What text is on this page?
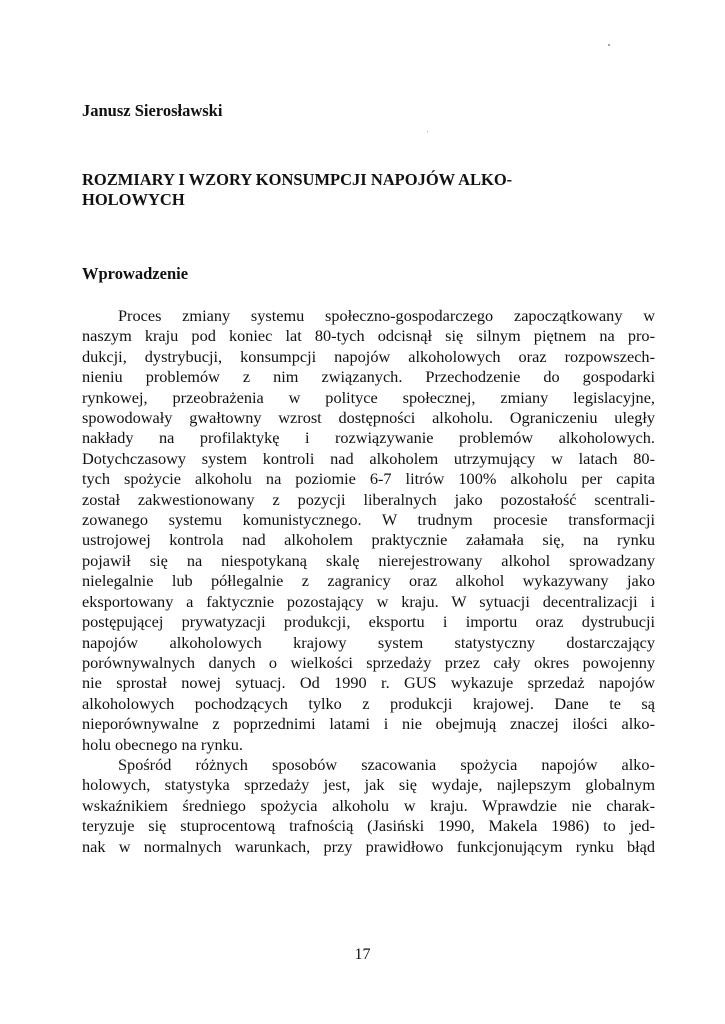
Janusz Sierosławski
ROZMIARY I WZORY KONSUMPCJI NAPOJÓW ALKO-
HOLOWYCH
Wprowadzenie
Proces zmiany systemu społeczno-gospodarczego zapoczątkowany w
naszym kraju pod koniec lat 80-tych odcisnął się silnym piętnem na pro-
dukcji, dystrybucji, konsumpcji napojów alkoholowych oraz rozpowszech-
nieniu problemów z nim związanych. Przechodzenie do gospodarki
rynkowej, przeobrażenia w polityce społecznej, zmiany legislacyjne,
spowodowały gwałtowny wzrost dostępności alkoholu. Ograniczeniu uległy
nakłady na profilaktykę i rozwiązywanie problemów alkoholowych.
Dotychczasowy system kontroli nad alkoholem utrzymujący w latach 80-
tych spożycie alkoholu na poziomie 6-7 litrów 100% alkoholu per capita
został zakwestionowany z pozycji liberalnych jako pozostałość scentrali-
zowanego systemu komunistycznego. W trudnym procesie transformacji
ustrojowej kontrola nad alkoholem praktycznie załamała się, na rynku
pojawił się na niespotykaną skalę nierejestrowany alkohol sprowadzany
nielegalnie lub półlegalnie z zagranicy oraz alkohol wykazywany jako
eksportowany a faktycznie pozostający w kraju. W sytuacji decentralizacji i
postępującej prywatyzacji produkcji, eksportu i importu oraz dystrubucji
napojów alkoholowych krajowy system statystyczny dostarczający
porównywalnych danych o wielkości sprzedaży przez cały okres powojenny
nie sprostał nowej sytuacj. Od 1990 r. GUS wykazuje sprzedaż napojów
alkoholowych pochodzących tylko z produkcji krajowej. Dane te są
nieporównywalne z poprzednimi latami i nie obejmują znaczej ilości alko-
holu obecnego na rynku.
Spośród różnych sposobów szacowania spożycia napojów alko-
holowych, statystyka sprzedaży jest, jak się wydaje, najlepszym globalnym
wskaźnikiem średniego spożycia alkoholu w kraju. Wprawdzie nie charak-
teryzuje się stuprocentową trafnością (Jasiński 1990, Makela 1986) to jed-
nak w normalnych warunkach, przy prawidłowo funkcjonującym rynku błąd
17
